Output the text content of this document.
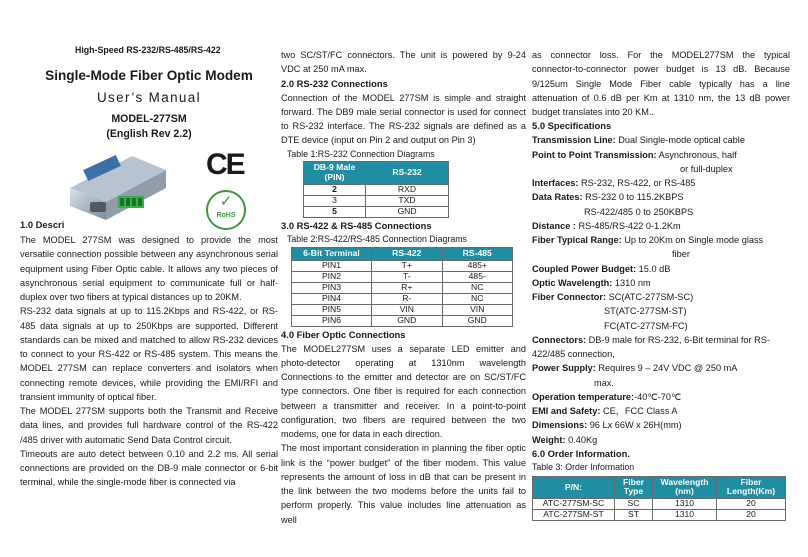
High-Speed RS-232/RS-485/RS-422
Single-Mode Fiber Optic Modem
User’s Manual
MODEL-277SM
(English Rev 2.2)
CE
✓
RoHS
1.0 Descri

The MODEL 277SM was designed to provide the most versatile connection possible between any asynchronous serial equipment using Fiber Optic cable. It allows any two pieces of asynchronous serial equipment to communicate full or half-duplex over two fibers at typical distances up to 20KM.

RS-232 data signals at up to 115.2Kbps and RS-422, or RS-485 data signals at up to 250Kbps are supported. Different standards can be mixed and matched to allow RS-232 devices to connect to your RS-422 or RS-485 system. This means the MODEL 277SM can replace converters and isolators when connecting remote devices, while providing the EMI/RFI and transient immunity of optical fiber.

The MODEL 277SM supports both the Transmit and Receive data lines, and provides full hardware control of the RS-422 /485 driver with automatic Send Data Control circuit.

Timeouts are auto detect between 0.10 and 2.2 ms. All serial connections are provided on the DB-9 male connector or 6-bit terminal, while the single-mode fiber is connected via

two SC/ST/FC connectors. The unit is powered by 9-24 VDC at 250 mA max.

2.0 RS-232 Connections

Connection of the MODEL 277SM is simple and straight forward. The DB9 male serial connector is used for connect to RS-232 interface. The RS-232 signals are defined as a DTE device (input on Pin 2 and output on Pin 3)

Table 1:RS-232 Connection Diagrams

DB-9 Male (PIN)	RS-232
2	RXD
3	TXD
5	GND
3.0 RS-422 & RS-485 Connections

Table 2:RS-422/RS-485 Connection Diagrams

6-Bit Terminal	RS-422	RS-485
PIN1	T+	485+
PIN2	T-	485-
PIN3	R+	NC
PIN4	R-	NC
PIN5	VIN	VIN
PIN6	GND	GND
4.0 Fiber Optic Connections

The MODEL277SM uses a separate LED emitter and photo-detector operating at 1310nm wavelength Connections to the emitter and detector are on SC/ST/FC type connectors. One fiber is required for each connection between a transmitter and receiver. In a point-to-point configuration, two fibers are required between the two modems, one for data in each direction.

The most important consideration in planning the fiber optic link is the “power budget” of the fiber modem. This value represents the amount of loss in dB that can be present in the link between the two modems before the units fail to perform properly. This value includes line attenuation as well

as connector loss. For the MODEL277SM the typical connector-to-connector power budget is 13 dB. Because 9/125um Single Mode Fiber cable typically has a line attenuation of 0.6 dB per Km at 1310 nm, the 13 dB power budget translates into 20 KM..

5.0 Specifications

Transmission Line: Dual Single-mode optical cable

Point to Point Transmission: Asynchronous, half

or full-duplex

Interfaces: RS-232, RS-422, or RS-485

Data Rates: RS-232 0 to 115.2KBPS

RS-422/485 0 to 250KBPS

Distance : RS-485/RS-422 0-1.2Km

Fiber Typical Range: Up to 20Km on Single mode glass

fiber

Coupled Power Budget: 15.0 dB

Optic Wavelength: 1310 nm

Fiber Connector: SC(ATC-277SM-SC)

ST(ATC-277SM-ST)

FC(ATC-277SM-FC)

Connectors: DB-9 male for RS-232, 6-Bit terminal for RS-422/485 connection,

Power Supply: Requires 9 – 24V VDC @ 250 mA

max.

Operation temperature:-40℃-70℃

EMI and Safety: CE，FCC Class A

Dimensions: 96 Lx 66W x 26H(mm)

Weight: 0.40Kg

6.0 Order Information.

Table 3: Order Information

P/N:	Fiber Type	Wavelength (nm)	Fiber Length(Km)
ATC-277SM-SC	SC	1310	20
ATC-277SM-ST	ST	1310	20
